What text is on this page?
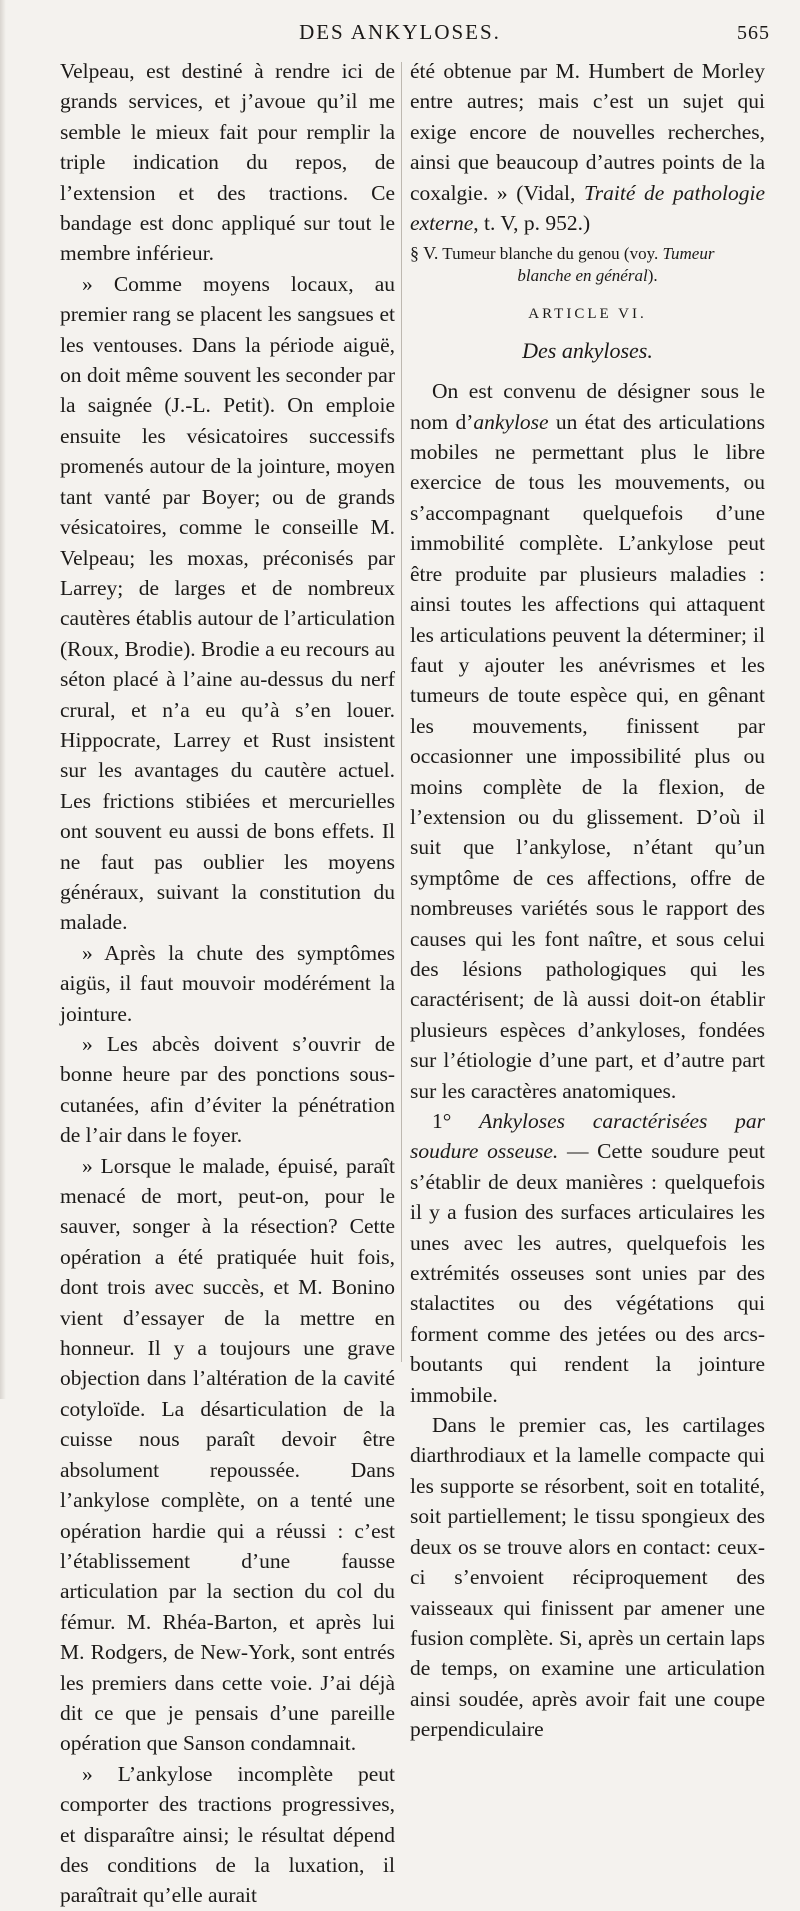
DES ANKYLOSES.	565

Velpeau, est destiné à rendre ici de grands services, et j’avoue qu’il me semble le mieux fait pour remplir la triple indication du repos, de l’extension et des tractions. Ce bandage est donc appliqué sur tout le membre inférieur.

» Comme moyens locaux, au premier rang se placent les sangsues et les ventouses. Dans la période aiguë, on doit même souvent les seconder par la saignée (J.-L. Petit). On emploie ensuite les vésicatoires successifs promenés autour de la jointure, moyen tant vanté par Boyer; ou de grands vésicatoires, comme le conseille M. Velpeau; les moxas, préconisés par Larrey; de larges et de nombreux cautères établis autour de l’articulation (Roux, Brodie). Brodie a eu recours au séton placé à l’aine au-dessus du nerf crural, et n’a eu qu’à s’en louer. Hippocrate, Larrey et Rust insistent sur les avantages du cautère actuel. Les frictions stibiées et mercurielles ont souvent eu aussi de bons effets. Il ne faut pas oublier les moyens généraux, suivant la constitution du malade.

» Après la chute des symptômes aigüs, il faut mouvoir modérément la jointure.

» Les abcès doivent s’ouvrir de bonne heure par des ponctions sous-cutanées, afin d’éviter la pénétration de l’air dans le foyer.

» Lorsque le malade, épuisé, paraît menacé de mort, peut-on, pour le sauver, songer à la résection? Cette opération a été pratiquée huit fois, dont trois avec succès, et M. Bonino vient d’essayer de la mettre en honneur. Il y a toujours une grave objection dans l’altération de la cavité cotyloïde. La désarticulation de la cuisse nous paraît devoir être absolument repoussée. Dans l’ankylose complète, on a tenté une opération hardie qui a réussi : c’est l’établissement d’une fausse articulation par la section du col du fémur. M. Rhéa-Barton, et après lui M. Rodgers, de New-York, sont entrés les premiers dans cette voie. J’ai déjà dit ce que je pensais d’une pareille opération que Sanson condamnait.

» L’ankylose incomplète peut comporter des tractions progressives, et disparaître ainsi; le résultat dépend des conditions de la luxation, il paraîtrait qu’elle aurait

été obtenue par M. Humbert de Morley entre autres; mais c’est un sujet qui exige encore de nouvelles recherches, ainsi que beaucoup d’autres points de la coxalgie. » (Vidal, Traité de pathologie externe, t. V, p. 952.)

§ V. Tumeur blanche du genou (voy. Tumeur

blanche en général).

ARTICLE VI.

Des ankyloses.

On est convenu de désigner sous le nom d’ankylose un état des articulations mobiles ne permettant plus le libre exercice de tous les mouvements, ou s’accompagnant quelquefois d’une immobilité complète. L’ankylose peut être produite par plusieurs maladies : ainsi toutes les affections qui attaquent les articulations peuvent la déterminer; il faut y ajouter les anévrismes et les tumeurs de toute espèce qui, en gênant les mouvements, finissent par occasionner une impossibilité plus ou moins complète de la flexion, de l’extension ou du glissement. D’où il suit que l’ankylose, n’étant qu’un symptôme de ces affections, offre de nombreuses variétés sous le rapport des causes qui les font naître, et sous celui des lésions pathologiques qui les caractérisent; de là aussi doit-on établir plusieurs espèces d’ankyloses, fondées sur l’étiologie d’une part, et d’autre part sur les caractères anatomiques.

1° Ankyloses caractérisées par soudure osseuse. — Cette soudure peut s’établir de deux manières : quelquefois il y a fusion des surfaces articulaires les unes avec les autres, quelquefois les extrémités osseuses sont unies par des stalactites ou des végétations qui forment comme des jetées ou des arcs-boutants qui rendent la jointure immobile.

Dans le premier cas, les cartilages diarthrodiaux et la lamelle compacte qui les supporte se résorbent, soit en totalité, soit partiellement; le tissu spongieux des deux os se trouve alors en contact: ceux-ci s’envoient réciproquement des vaisseaux qui finissent par amener une fusion complète. Si, après un certain laps de temps, on examine une articulation ainsi soudée, après avoir fait une coupe perpendiculaire
